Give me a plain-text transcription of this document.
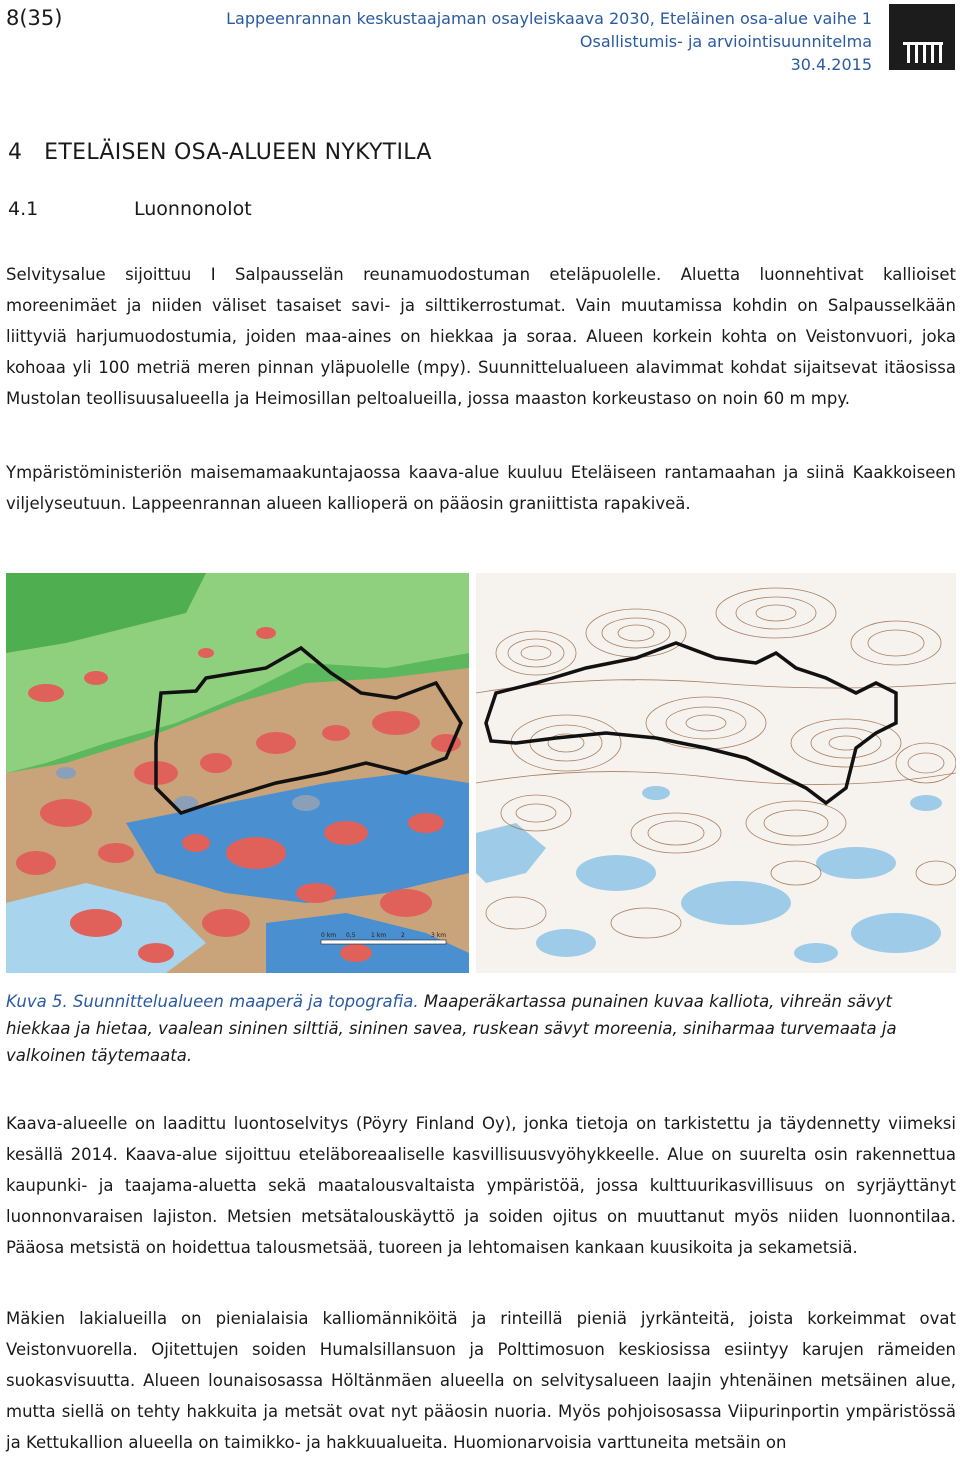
8(35)	Lappeenrannan keskustaajaman osayleiskaava 2030, Eteläinen osa-alue vaihe 1
Osallistumis- ja arviointisuunnitelma
30.4.2015
4   ETELÄISEN OSA-ALUEEN NYKYTILA
4.1	Luonnonolot

Selvitysalue sijoittuu I Salpausselän reunamuodostuman eteläpuolelle. Aluetta luonnehtivat kallioiset moreenimäet ja niiden väliset tasaiset savi- ja silttikerrostumat. Vain muutamissa kohdin on Salpausselkään liittyviä harjumuodostumia, joiden maa-aines on hiekkaa ja soraa. Alueen korkein kohta on Veistonvuori, joka kohoaa yli 100 metriä meren pinnan yläpuolelle (mpy). Suunnittelualueen alavimmat kohdat sijaitsevat itäosissa Mustolan teollisuusalueella ja Heimosillan peltoalueilla, jossa maaston korkeustaso on noin 60 m mpy.

Ympäristöministeriön maisemamaakuntajaossa kaava-alue kuuluu Eteläiseen rantamaahan ja siinä Kaakkoiseen viljelyseutuun. Lappeenrannan alueen kallioperä on pääosin graniittista rapakiveä.

0 km 0,5	1 km 2	3 km

Kuva 5. Suunnittelualueen maaperä ja topografia. Maaperäkartassa punainen kuvaa kalliota, vihreän sävyt hiekkaa ja hietaa, vaalean sininen silttiä, sininen savea, ruskean sävyt moreenia, siniharmaa turvemaata ja valkoinen täytemaata.

Kaava-alueelle on laadittu luontoselvitys (Pöyry Finland Oy), jonka tietoja on tarkistettu ja täydennetty viimeksi kesällä 2014. Kaava-alue sijoittuu eteläboreaaliselle kasvillisuusvyöhykkeelle. Alue on suurelta osin rakennettua kaupunki- ja taajama-aluetta sekä maatalousvaltaista ympäristöä, jossa kulttuurikasvillisuus on syrjäyttänyt luonnonvaraisen lajiston. Metsien metsätalouskäyttö ja soiden ojitus on muuttanut myös niiden luonnontilaa. Pääosa metsistä on hoidettua talousmetsää, tuoreen ja lehtomaisen kankaan kuusikoita ja sekametsiä.

Mäkien lakialueilla on pienialaisia kalliomänniköitä ja rinteillä pieniä jyrkänteitä, joista korkeimmat ovat Veistonvuorella. Ojitettujen soiden Humalsillansuon ja Polttimosuon keskiosissa esiintyy karujen rämeiden suokasvisuutta. Alueen lounaisosassa Höltänmäen alueella on selvitysalueen laajin yhtenäinen metsäinen alue, mutta siellä on tehty hakkuita ja metsät ovat nyt pääosin nuoria. Myös pohjoisosassa Viipurinportin ympäristössä ja Kettukallion alueella on taimikko- ja hakkuualueita. Huomionarvoisia varttuneita metsäin on
